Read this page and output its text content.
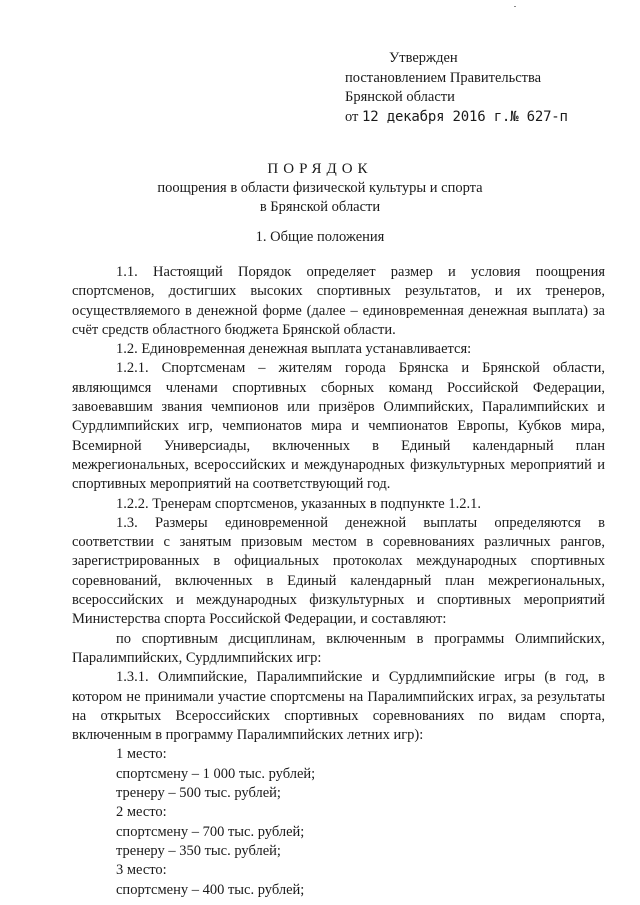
Утвержден
постановлением Правительства
Брянской области
от 12 декабря 2016 г.№ 627-п
ПОРЯДОК
поощрения в области физической культуры и спорта
в Брянской области
1. Общие положения

1.1. Настоящий Порядок определяет размер и условия поощрения спортсменов, достигших высоких спортивных результатов, и их тренеров, осуществляемого в денежной форме (далее – единовременная денежная выплата) за счёт средств областного бюджета Брянской области.

1.2. Единовременная денежная выплата устанавливается:

1.2.1. Спортсменам – жителям города Брянска и Брянской области, являющимся членами спортивных сборных команд Российской Федерации, завоевавшим звания чемпионов или призёров Олимпийских, Паралимпийских и Сурдлимпийских игр, чемпионатов мира и чемпионатов Европы, Кубков мира, Всемирной Универсиады, включенных в Единый календарный план межрегиональных, всероссийских и международных физкультурных мероприятий и спортивных мероприятий на соответствующий год.

1.2.2. Тренерам спортсменов, указанных в подпункте 1.2.1.

1.3. Размеры единовременной денежной выплаты определяются в соответствии с занятым призовым местом в соревнованиях различных рангов, зарегистрированных в официальных протоколах международных спортивных соревнований, включенных в Единый календарный план межрегиональных, всероссийских и международных физкультурных и спортивных мероприятий Министерства спорта Российской Федерации, и составляют:

по спортивным дисциплинам, включенным в программы Олимпийских, Паралимпийских, Сурдлимпийских игр:

1.3.1. Олимпийские, Паралимпийские и Сурдлимпийские игры (в год, в котором не принимали участие спортсмены на Паралимпийских играх, за результаты на открытых Всероссийских спортивных соревнованиях по видам спорта, включенным в программу Паралимпийских летних игр):

1 место:

спортсмену – 1 000 тыс. рублей;

тренеру – 500 тыс. рублей;

2 место:

спортсмену – 700 тыс. рублей;

тренеру – 350 тыс. рублей;

3 место:

спортсмену – 400 тыс. рублей;
